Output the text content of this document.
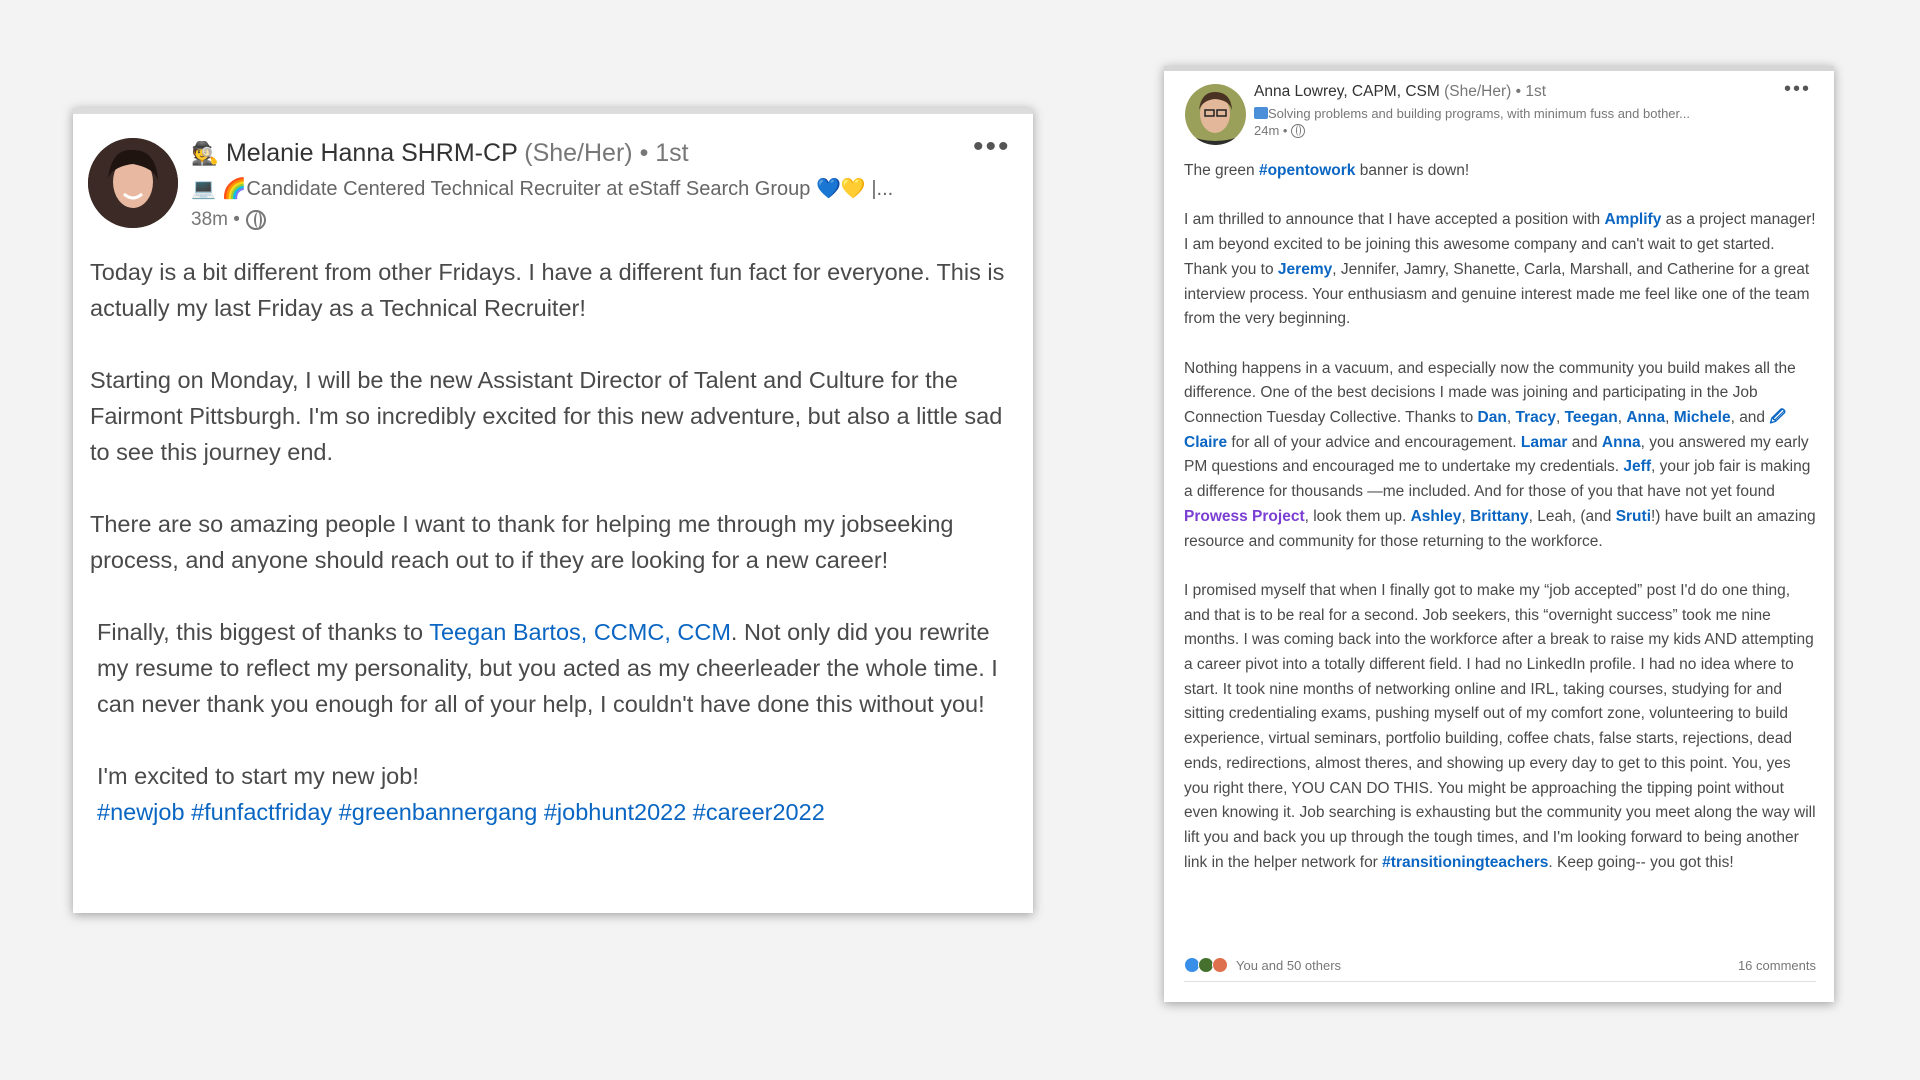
🕵 Melanie Hanna SHRM-CP (She/Her) • 1st
💻 🌈Candidate Centered Technical Recruiter at eStaff Search Group 💙💛 |...
38m •
•••

Today is a bit different from other Fridays. I have a different fun fact for everyone. This is actually my last Friday as a Technical Recruiter!

Starting on Monday, I will be the new Assistant Director of Talent and Culture for the Fairmont Pittsburgh. I'm so incredibly excited for this new adventure, but also a little sad to see this journey end.

There are so amazing people I want to thank for helping me through my jobseeking process, and anyone should reach out to if they are looking for a new career!

Finally, this biggest of thanks to Teegan Bartos, CCMC, CCM. Not only did you rewrite my resume to reflect my personality, but you acted as my cheerleader the whole time. I can never thank you enough for all of your help, I couldn't have done this without you!

I'm excited to start my new job!

#newjob #funfactfriday #greenbannergang #jobhunt2022 #career2022

Anna Lowrey, CAPM, CSM (She/Her) • 1st
Solving problems and building programs, with minimum fuss and bother...
24m •
•••

The green #opentowork banner is down!

I am thrilled to announce that I have accepted a position with Amplify as a project manager! I am beyond excited to be joining this awesome company and can't wait to get started. Thank you to Jeremy, Jennifer, Jamry, Shanette, Carla, Marshall, and Catherine for a great interview process. Your enthusiasm and genuine interest made me feel like one of the team from the very beginning.

Nothing happens in a vacuum, and especially now the community you build makes all the difference. One of the best decisions I made was joining and participating in the Job Connection Tuesday Collective. Thanks to Dan, Tracy, Teegan, Anna, Michele, and 🖉 Claire for all of your advice and encouragement. Lamar and Anna, you answered my early PM questions and encouraged me to undertake my credentials. Jeff, your job fair is making a difference for thousands —me included. And for those of you that have not yet found Prowess Project, look them up. Ashley, Brittany, Leah, (and Sruti!) have built an amazing resource and community for those returning to the workforce.

I promised myself that when I finally got to make my “job accepted” post I'd do one thing, and that is to be real for a second. Job seekers, this “overnight success” took me nine months. I was coming back into the workforce after a break to raise my kids AND attempting a career pivot into a totally different field. I had no LinkedIn profile. I had no idea where to start. It took nine months of networking online and IRL, taking courses, studying for and sitting credentialing exams, pushing myself out of my comfort zone, volunteering to build experience, virtual seminars, portfolio building, coffee chats, false starts, rejections, dead ends, redirections, almost theres, and showing up every day to get to this point. You, yes you right there, YOU CAN DO THIS. You might be approaching the tipping point without even knowing it. Job searching is exhausting but the community you meet along the way will lift you and back you up through the tough times, and I'm looking forward to being another link in the helper network for #transitioningteachers. Keep going-- you got this!

You and 50 others	16 comments
